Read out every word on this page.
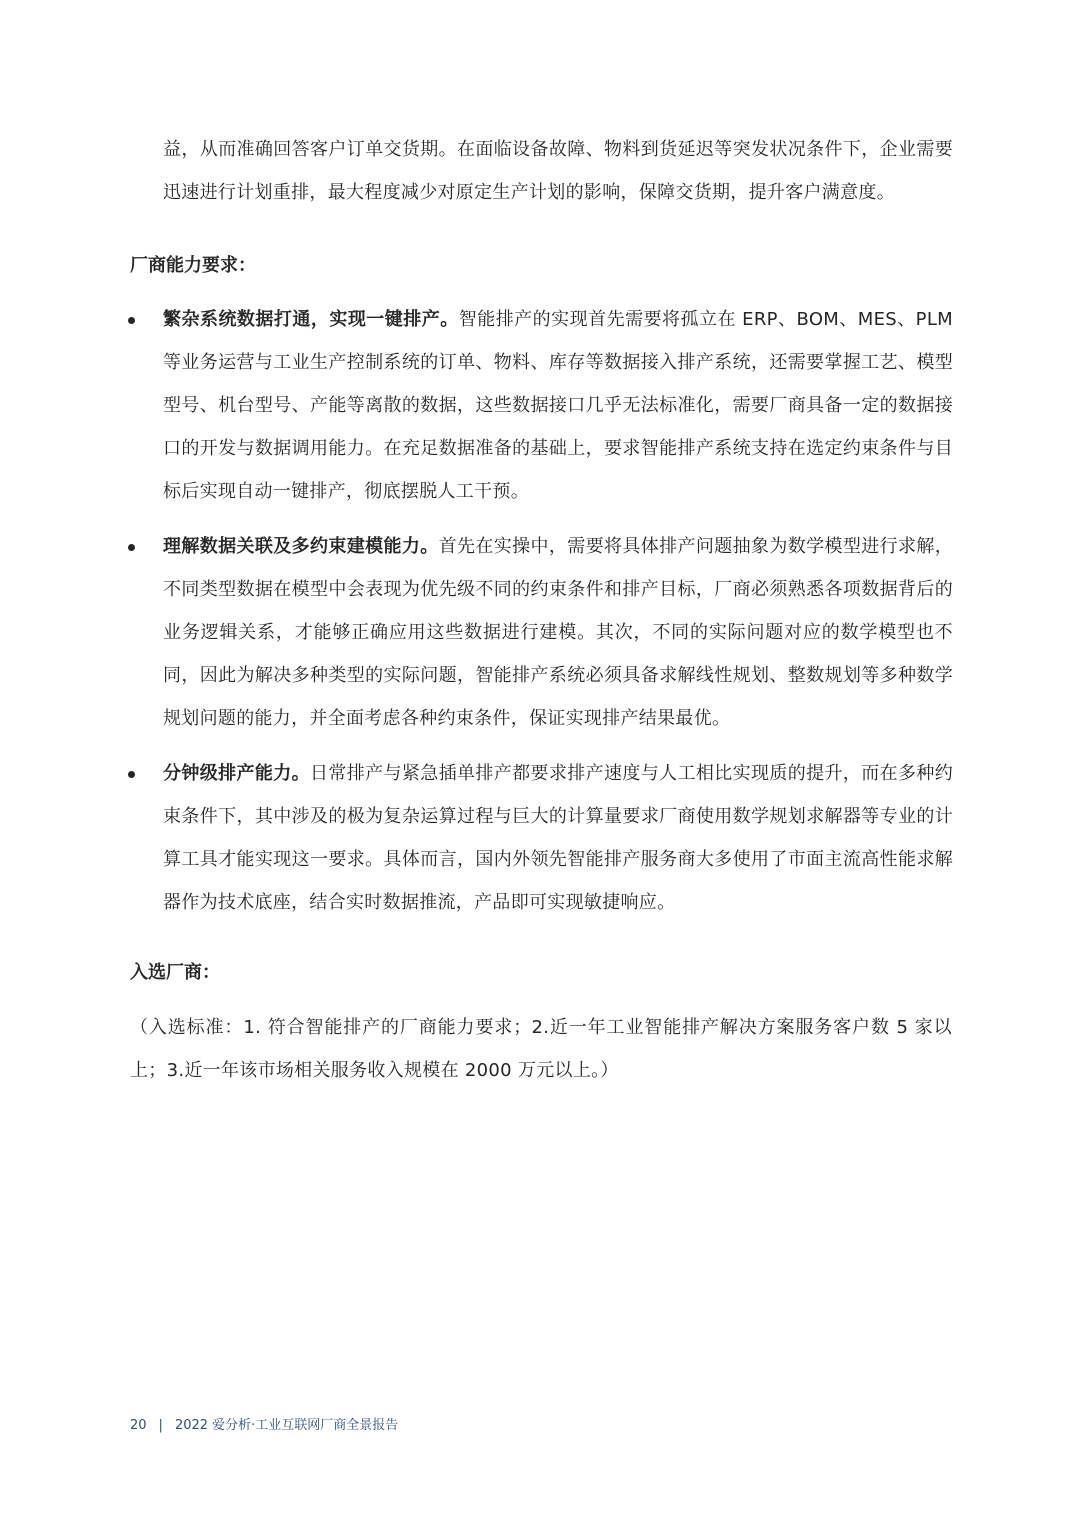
益，从而准确回答客户订单交货期。在面临设备故障、物料到货延迟等突发状况条件下，企业需要迅速进行计划重排，最大程度减少对原定生产计划的影响，保障交货期，提升客户满意度。
厂商能力要求：
繁杂系统数据打通，实现一键排产。智能排产的实现首先需要将孤立在 ERP、BOM、MES、PLM 等业务运营与工业生产控制系统的订单、物料、库存等数据接入排产系统，还需要掌握工艺、模型型号、机台型号、产能等离散的数据，这些数据接口几乎无法标准化，需要厂商具备一定的数据接口的开发与数据调用能力。在充足数据准备的基础上，要求智能排产系统支持在选定约束条件与目标后实现自动一键排产，彻底摆脱人工干预。
理解数据关联及多约束建模能力。首先在实操中，需要将具体排产问题抽象为数学模型进行求解，不同类型数据在模型中会表现为优先级不同的约束条件和排产目标，厂商必须熟悉各项数据背后的业务逻辑关系，才能够正确应用这些数据进行建模。其次，不同的实际问题对应的数学模型也不同，因此为解决多种类型的实际问题，智能排产系统必须具备求解线性规划、整数规划等多种数学规划问题的能力，并全面考虑各种约束条件，保证实现排产结果最优。
分钟级排产能力。日常排产与紧急插单排产都要求排产速度与人工相比实现质的提升，而在多种约束条件下，其中涉及的极为复杂运算过程与巨大的计算量要求厂商使用数学规划求解器等专业的计算工具才能实现这一要求。具体而言，国内外领先智能排产服务商大多使用了市面主流高性能求解器作为技术底座，结合实时数据推流，产品即可实现敏捷响应。
入选厂商：
（入选标准：1. 符合智能排产的厂商能力要求；2.近一年工业智能排产解决方案服务客户数 5 家以上；3.近一年该市场相关服务收入规模在 2000 万元以上。）
20 | 2022 爱分析·工业互联网厂商全景报告
